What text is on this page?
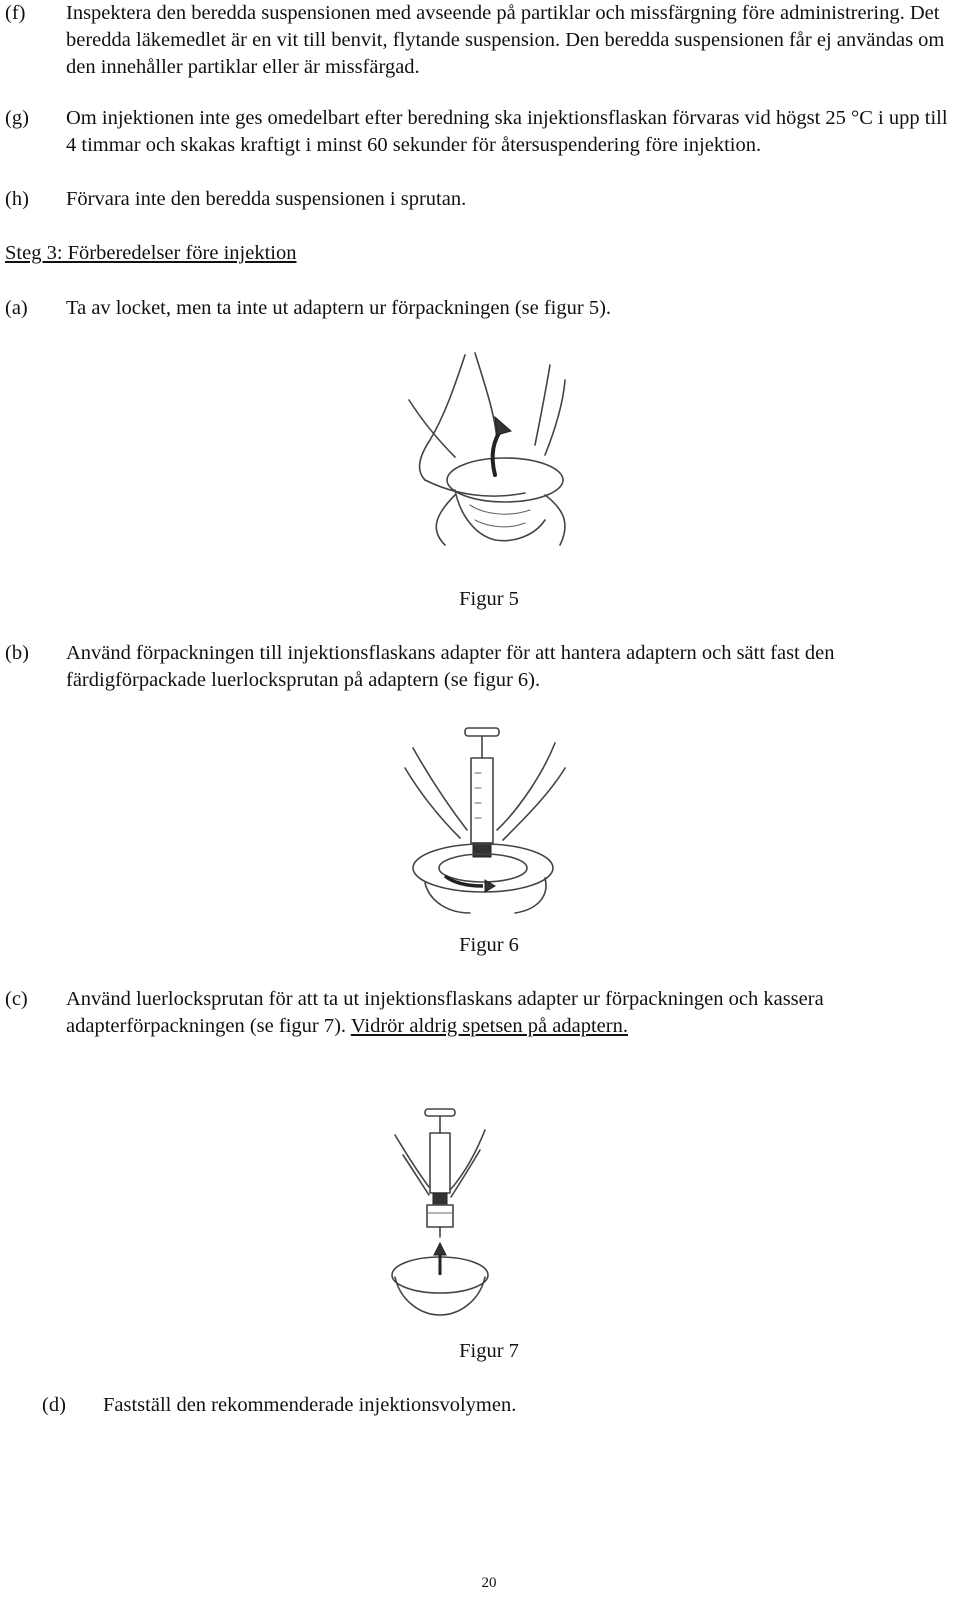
(f)	Inspektera den beredda suspensionen med avseende på partiklar och missfärgning före administrering. Det beredda läkemedlet är en vit till benvit, flytande suspension. Den beredda suspensionen får ej användas om den innehåller partiklar eller är missfärgad.
(g)	Om injektionen inte ges omedelbart efter beredning ska injektionsflaskan förvaras vid högst 25 °C i upp till 4 timmar och skakas kraftigt i minst 60 sekunder för återsuspendering före injektion.
(h)	Förvara inte den beredda suspensionen i sprutan.
Steg 3: Förberedelser före injektion
(a)	Ta av locket, men ta inte ut adaptern ur förpackningen (se figur 5).
Figur 5
(b)	Använd förpackningen till injektionsflaskans adapter för att hantera adaptern och sätt fast den färdigförpackade luerlocksprutan på adaptern (se figur 6).
Figur 6
(c)	Använd luerlocksprutan för att ta ut injektionsflaskans adapter ur förpackningen och kassera adapterförpackningen (se figur 7). Vidrör aldrig spetsen på adaptern.
Figur 7
(d)	Fastställ den rekommenderade injektionsvolymen.
20
